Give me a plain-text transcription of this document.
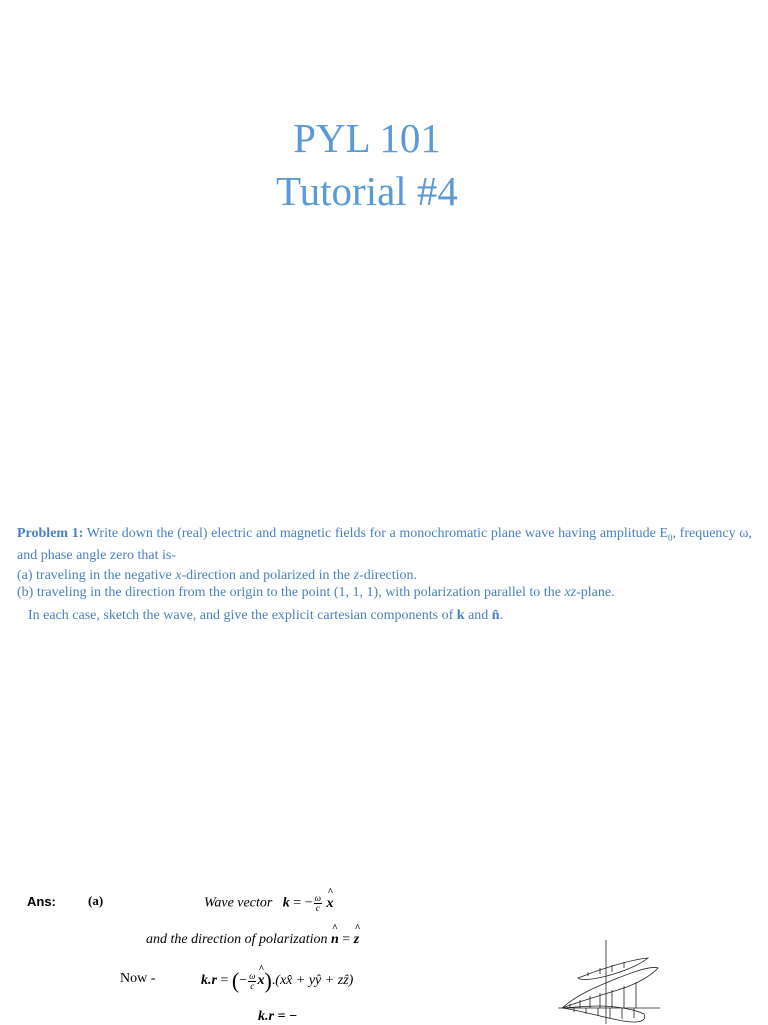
PYL 101
Tutorial #4
Problem 1: Write down the (real) electric and magnetic fields for a monochromatic plane wave having amplitude $E_0$, frequency ω, and phase angle zero that is-
(a) traveling in the negative x-direction and polarized in the z-direction.
(b) traveling in the direction from the origin to the point (1, 1, 1), with polarization parallel to the xz-plane.
In each case, sketch the wave, and give the explicit cartesian components of k and n̂.
Ans: (a)	Wave vector k = − $\frac{\omega}{c}$ ^ x
and the direction of polarization ^ n = ^ z
Now -	k.r = (− $\frac{\omega}{c}$ ^ x).(xx̂ + yŷ + zẑ)
k.r = −
